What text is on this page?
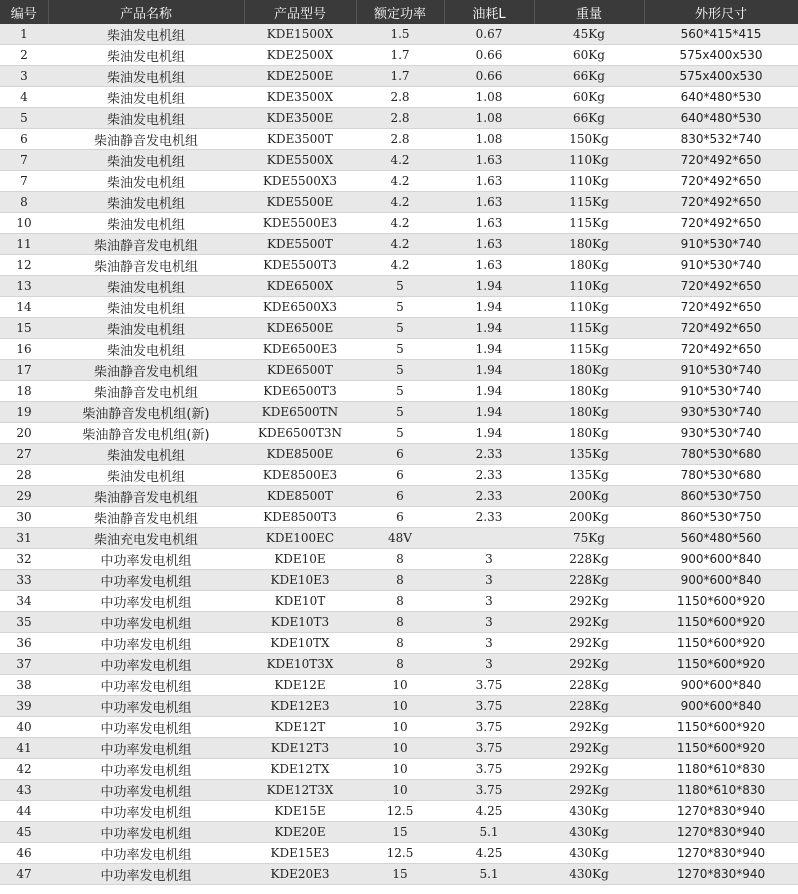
编号	产品名称	产品型号	额定功率	油耗L	重量	外形尺寸
1	柴油发电机组	KDE1500X	1.5	0.67	45Kg	560*415*415
2	柴油发电机组	KDE2500X	1.7	0.66	60Kg	575x400x530
3	柴油发电机组	KDE2500E	1.7	0.66	66Kg	575x400x530
4	柴油发电机组	KDE3500X	2.8	1.08	60Kg	640*480*530
5	柴油发电机组	KDE3500E	2.8	1.08	66Kg	640*480*530
6	柴油静音发电机组	KDE3500T	2.8	1.08	150Kg	830*532*740
7	柴油发电机组	KDE5500X	4.2	1.63	110Kg	720*492*650
7	柴油发电机组	KDE5500X3	4.2	1.63	110Kg	720*492*650
8	柴油发电机组	KDE5500E	4.2	1.63	115Kg	720*492*650
10	柴油发电机组	KDE5500E3	4.2	1.63	115Kg	720*492*650
11	柴油静音发电机组	KDE5500T	4.2	1.63	180Kg	910*530*740
12	柴油静音发电机组	KDE5500T3	4.2	1.63	180Kg	910*530*740
13	柴油发电机组	KDE6500X	5	1.94	110Kg	720*492*650
14	柴油发电机组	KDE6500X3	5	1.94	110Kg	720*492*650
15	柴油发电机组	KDE6500E	5	1.94	115Kg	720*492*650
16	柴油发电机组	KDE6500E3	5	1.94	115Kg	720*492*650
17	柴油静音发电机组	KDE6500T	5	1.94	180Kg	910*530*740
18	柴油静音发电机组	KDE6500T3	5	1.94	180Kg	910*530*740
19	柴油静音发电机组(新)	KDE6500TN	5	1.94	180Kg	930*530*740
20	柴油静音发电机组(新)	KDE6500T3N	5	1.94	180Kg	930*530*740
27	柴油发电机组	KDE8500E	6	2.33	135Kg	780*530*680
28	柴油发电机组	KDE8500E3	6	2.33	135Kg	780*530*680
29	柴油静音发电机组	KDE8500T	6	2.33	200Kg	860*530*750
30	柴油静音发电机组	KDE8500T3	6	2.33	200Kg	860*530*750
31	柴油充电发电机组	KDE100EC	48V		75Kg	560*480*560
32	中功率发电机组	KDE10E	8	3	228Kg	900*600*840
33	中功率发电机组	KDE10E3	8	3	228Kg	900*600*840
34	中功率发电机组	KDE10T	8	3	292Kg	1150*600*920
35	中功率发电机组	KDE10T3	8	3	292Kg	1150*600*920
36	中功率发电机组	KDE10TX	8	3	292Kg	1150*600*920
37	中功率发电机组	KDE10T3X	8	3	292Kg	1150*600*920
38	中功率发电机组	KDE12E	10	3.75	228Kg	900*600*840
39	中功率发电机组	KDE12E3	10	3.75	228Kg	900*600*840
40	中功率发电机组	KDE12T	10	3.75	292Kg	1150*600*920
41	中功率发电机组	KDE12T3	10	3.75	292Kg	1150*600*920
42	中功率发电机组	KDE12TX	10	3.75	292Kg	1180*610*830
43	中功率发电机组	KDE12T3X	10	3.75	292Kg	1180*610*830
44	中功率发电机组	KDE15E	12.5	4.25	430Kg	1270*830*940
45	中功率发电机组	KDE20E	15	5.1	430Kg	1270*830*940
46	中功率发电机组	KDE15E3	12.5	4.25	430Kg	1270*830*940
47	中功率发电机组	KDE20E3	15	5.1	430Kg	1270*830*940
